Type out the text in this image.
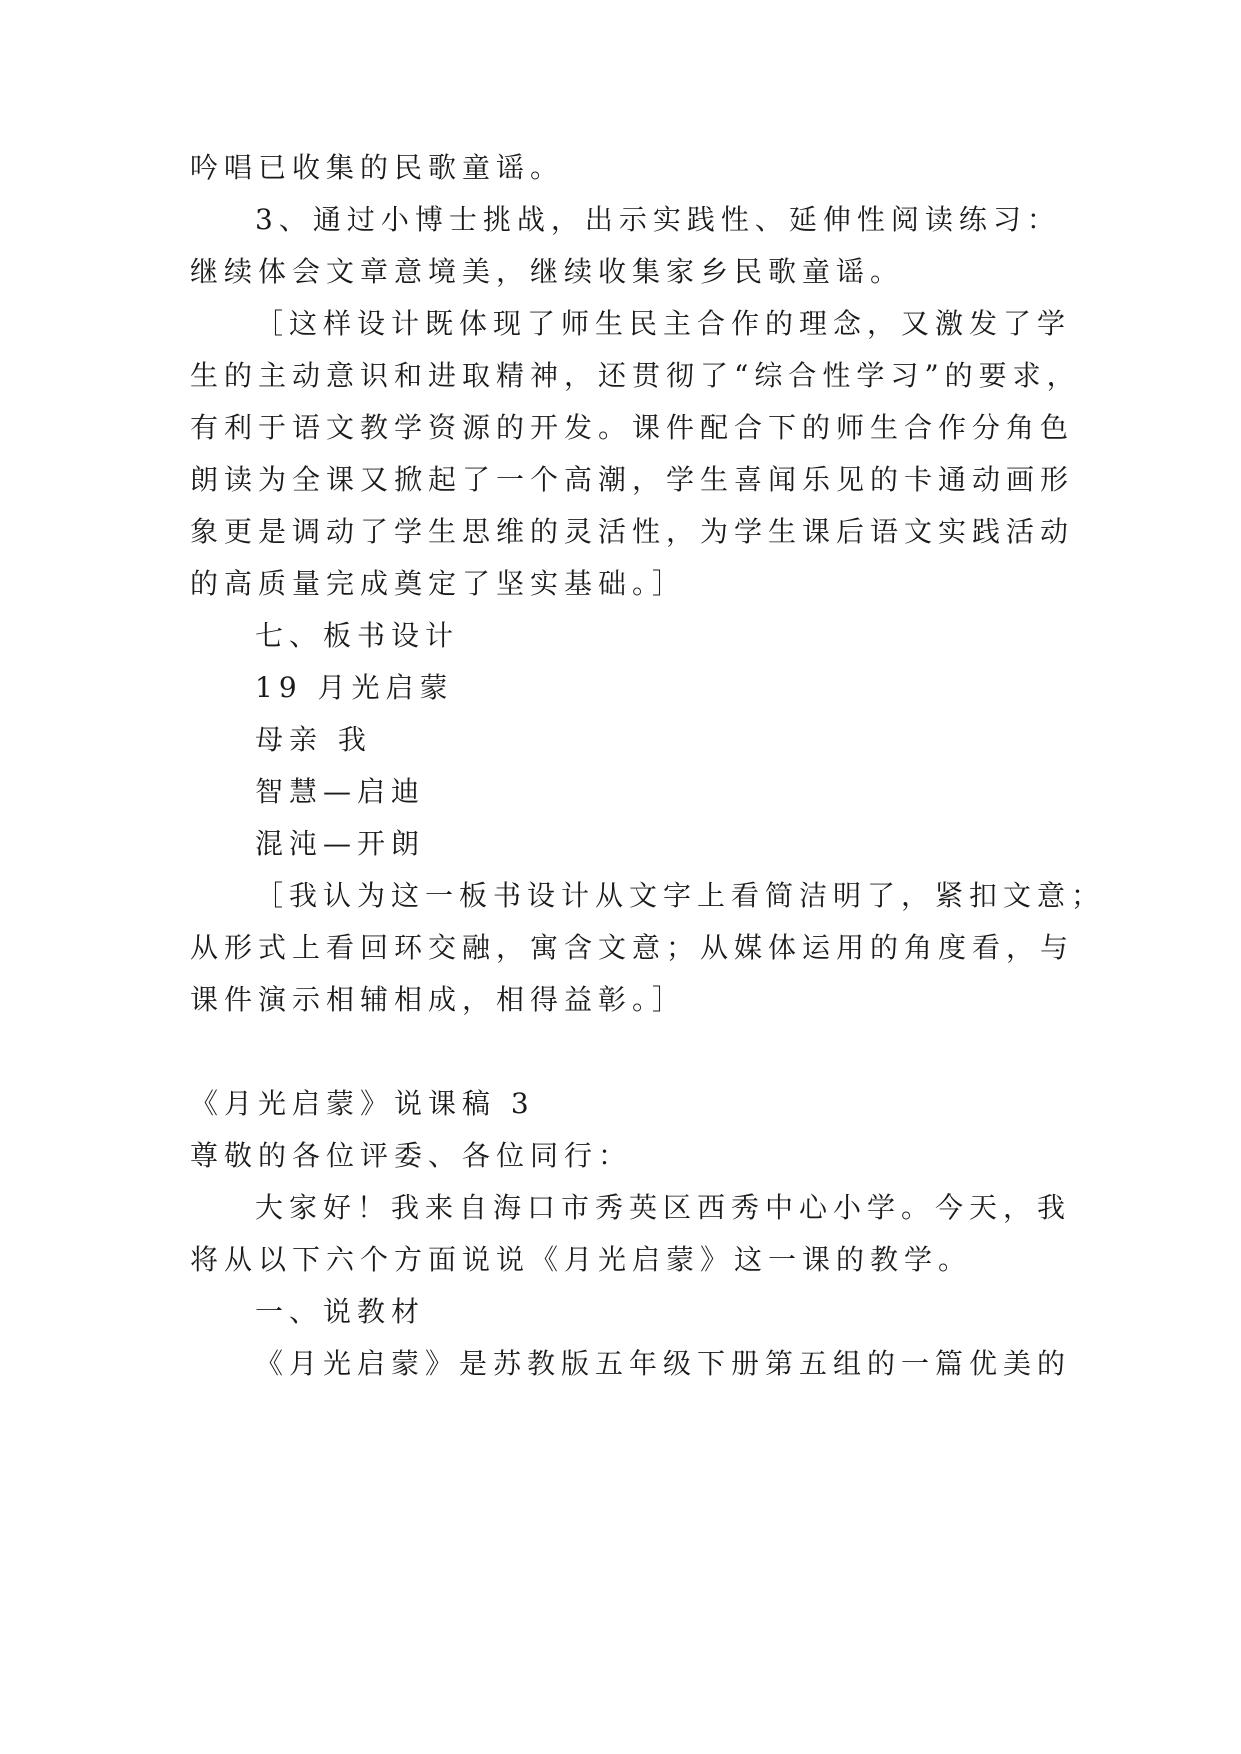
吟唱已收集的民歌童谣。
3、通过小博士挑战，出示实践性、延伸性阅读练习：
继续体会文章意境美，继续收集家乡民歌童谣。
［这样设计既体现了师生民主合作的理念，又激发了学
生的主动意识和进取精神，还贯彻了“综合性学习”的要求，
有利于语文教学资源的开发。课件配合下的师生合作分角色
朗读为全课又掀起了一个高潮，学生喜闻乐见的卡通动画形
象更是调动了学生思维的灵活性，为学生课后语文实践活动
的高质量完成奠定了坚实基础。］
七、板书设计
19 月光启蒙
母亲 我
智慧—启迪
混沌—开朗
［我认为这一板书设计从文字上看简洁明了，紧扣文意；
从形式上看回环交融，寓含文意；从媒体运用的角度看，与
课件演示相辅相成，相得益彰。］
《月光启蒙》说课稿 3
尊敬的各位评委、各位同行：
大家好！我来自海口市秀英区西秀中心小学。今天，我
将从以下六个方面说说《月光启蒙》这一课的教学。
一、说教材
《月光启蒙》是苏教版五年级下册第五组的一篇优美的
